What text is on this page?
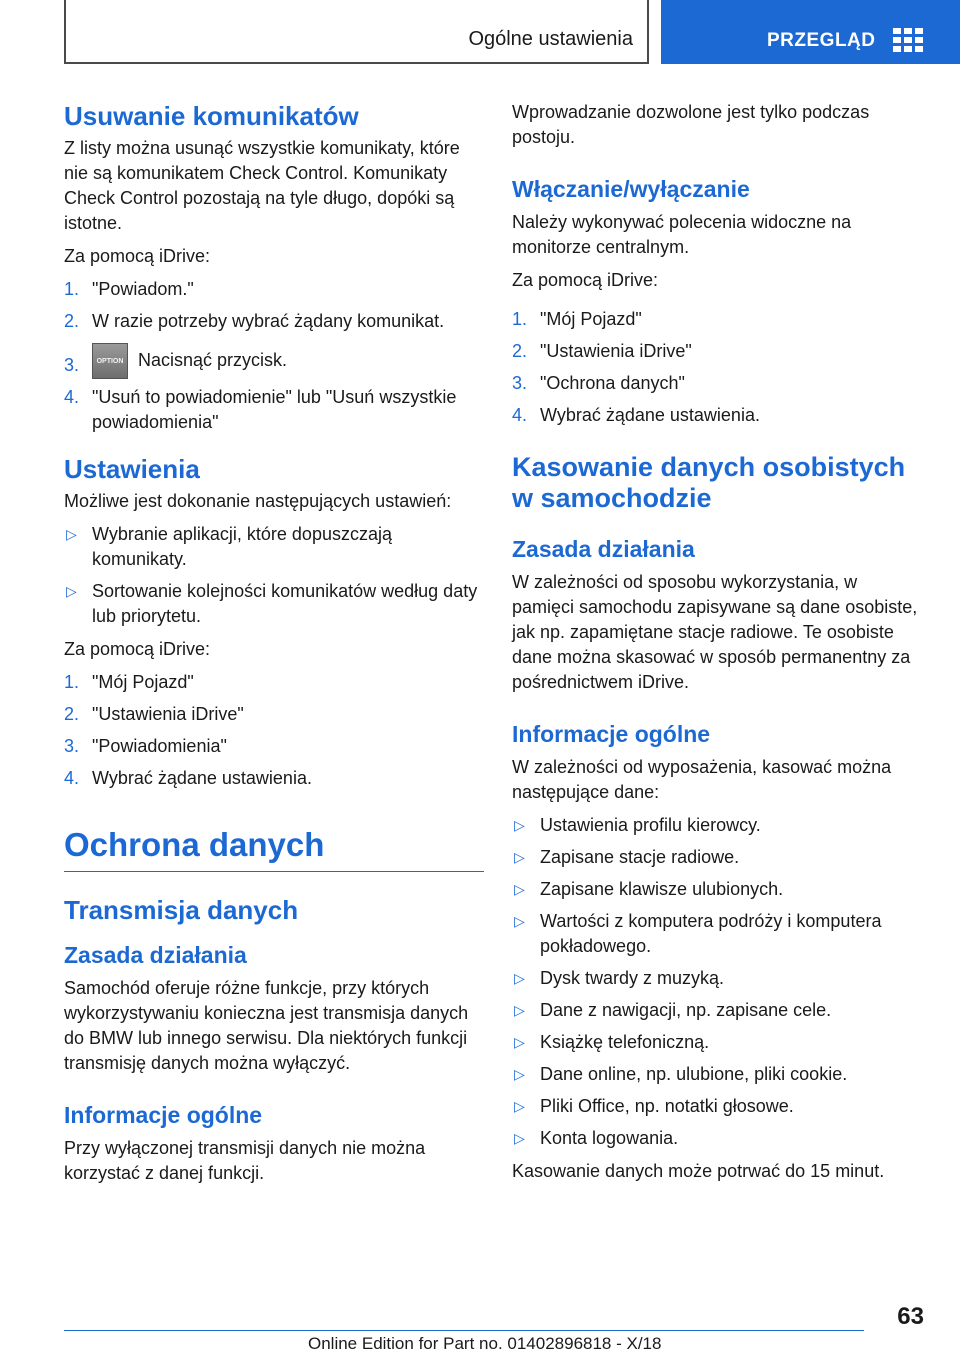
Ogólne ustawienia	PRZEGLĄD
Usuwanie komunikatów
Z listy można usunąć wszystkie komunikaty, które nie są komunikatem Check Control. Komunikaty Check Control pozostają na tyle długo, dopóki są istotne.
Za pomocą iDrive:
1. "Powiadom."
2. W razie potrzeby wybrać żądany komunikat.
3.	OPTION Nacisnąć przycisk.
4. "Usuń to powiadomienie" lub "Usuń wszystkie powiadomienia"
Ustawienia
Możliwe jest dokonanie następujących ustawień:
▷ Wybranie aplikacji, które dopuszczają komunikaty.
▷ Sortowanie kolejności komunikatów według daty lub priorytetu.
Za pomocą iDrive:
1. "Mój Pojazd"
2. "Ustawienia iDrive"
3. "Powiadomienia"
4. Wybrać żądane ustawienia.
Ochrona danych
Transmisja danych
Zasada działania
Samochód oferuje różne funkcje, przy których wykorzystywaniu konieczna jest transmisja danych do BMW lub innego serwisu. Dla niektórych funkcji transmisję danych można wyłączyć.
Informacje ogólne
Przy wyłączonej transmisji danych nie można korzystać z danej funkcji.
Wprowadzanie dozwolone jest tylko podczas postoju.
Włączanie/wyłączanie
Należy wykonywać polecenia widoczne na monitorze centralnym.
Za pomocą iDrive:
1. "Mój Pojazd"
2. "Ustawienia iDrive"
3. "Ochrona danych"
4. Wybrać żądane ustawienia.
Kasowanie danych osobistych w samochodzie
Zasada działania
W zależności od sposobu wykorzystania, w pamięci samochodu zapisywane są dane osobiste, jak np. zapamiętane stacje radiowe. Te osobiste dane można skasować w sposób permanentny za pośrednictwem iDrive.
Informacje ogólne
W zależności od wyposażenia, kasować można następujące dane:
▷ Ustawienia profilu kierowcy.
▷ Zapisane stacje radiowe.
▷ Zapisane klawisze ulubionych.
▷ Wartości z komputera podróży i komputera pokładowego.
▷ Dysk twardy z muzyką.
▷ Dane z nawigacji, np. zapisane cele.
▷ Książkę telefoniczną.
▷ Dane online, np. ulubione, pliki cookie.
▷ Pliki Office, np. notatki głosowe.
▷ Konta logowania.
Kasowanie danych może potrwać do 15 minut.
63
Online Edition for Part no. 01402896818 - X/18
